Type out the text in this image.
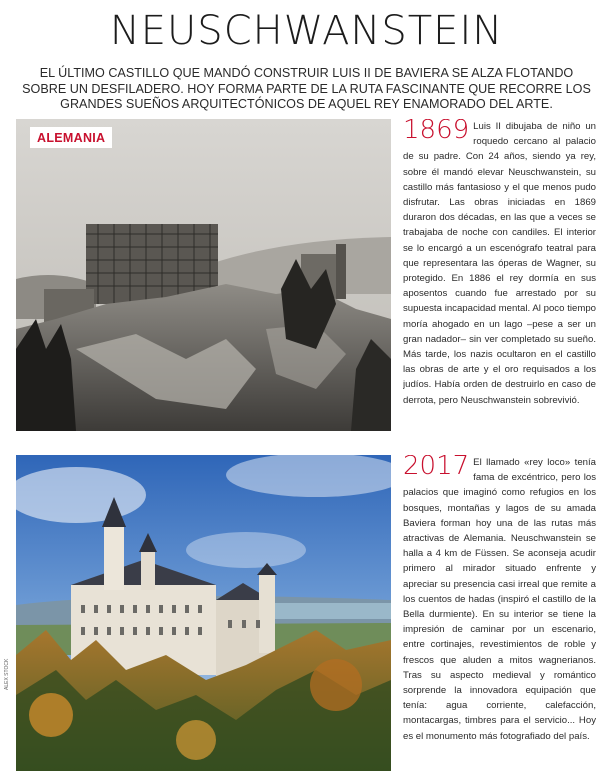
NEUSCHWANSTEIN
EL ÚLTIMO CASTILLO QUE MANDÓ CONSTRUIR LUIS II DE BAVIERA SE ALZA FLOTANDO SOBRE UN DESFILADERO. HOY FORMA PARTE DE LA RUTA FASCINANTE QUE RECORRE LOS GRANDES SUEÑOS ARQUITECTÓNICOS DE AQUEL REY ENAMORADO DEL ARTE.
ALEMANIA
ALEX STOCK
1869 Luis II dibujaba de niño un roquedo cercano al palacio de su padre. Con 24 años, siendo ya rey, sobre él mandó elevar Neuschwanstein, su castillo más fantasioso y el que menos pudo disfrutar. Las obras iniciadas en 1869 duraron dos décadas, en las que a veces se trabajaba de noche con candiles. El interior se lo encargó a un escenógrafo teatral para que representara las óperas de Wagner, su protegido. En 1886 el rey dormía en sus aposentos cuando fue arrestado por su supuesta incapacidad mental. Al poco tiempo moría ahogado en un lago –pese a ser un gran nadador– sin ver completado su sueño. Más tarde, los nazis ocultaron en el castillo las obras de arte y el oro requisados a los judíos. Había orden de destruirlo en caso de derrota, pero Neuschwanstein sobrevivió.
2017 El llamado «rey loco» tenía fama de excéntrico, pero los palacios que imaginó como refugios en los bosques, montañas y lagos de su amada Baviera forman hoy una de las rutas más atractivas de Alemania. Neuschwanstein se halla a 4 km de Füssen. Se aconseja acudir primero al mirador situado enfrente y apreciar su presencia casi irreal que remite a los cuentos de hadas (inspiró el castillo de la Bella durmiente). En su interior se tiene la impresión de caminar por un escenario, entre cortinajes, revestimientos de roble y frescos que aluden a mitos wagnerianos. Tras su aspecto medieval y romántico sorprende la innovadora equipación que tenía: agua corriente, calefacción, montacargas, timbres para el servicio... Hoy es el monumento más fotografiado del país.
